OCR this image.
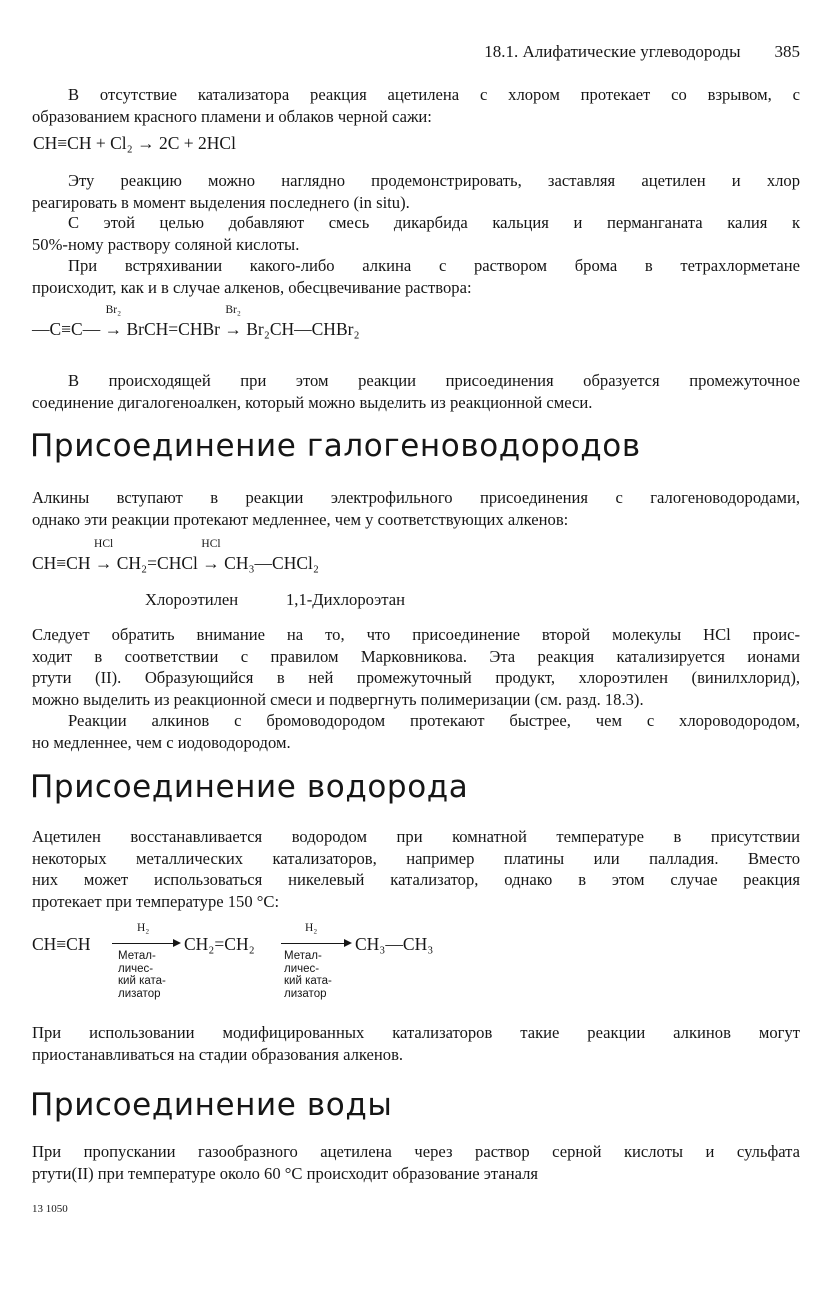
18.1. Алифатические углеводороды 385
В отсутствие катализатора реакция ацетилена с хлором протекает со взрывом, с
образованием красного пламени и облаков черной сажи:
CH≡CH + Cl₂ → 2C + 2HCl
Эту реакцию можно наглядно продемонстрировать, заставляя ацетилен и хлор
реагировать в момент выделения последнего (in situ).
С этой целью добавляют смесь дикарбида кальция и перманганата калия к
50%-ному раствору соляной кислоты.
При встряхивании какого-либо алкина с раствором брома в тетрахлорметане
происходит, как и в случае алкенов, обесцвечивание раствора:
—C≡C— →
Br₂
BrCH=CHBr →
Br₂
Br₂CH—CHBr₂
В происходящей при этом реакции присоединения образуется промежуточное
соединение дигалогеноалкен, который можно выделить из реакционной смеси.
Присоединение галогеноводородов
Алкины вступают в реакции электрофильного присоединения с галогеноводородами,
однако эти реакции протекают медленнее, чем у соответствующих алкенов:
CH≡CH →
HCl
CH₂=CHCl →
HCl
CH₃—CHCl₂
Хлороэтилен	1,1-Дихлороэтан
Следует обратить внимание на то, что присоединение второй молекулы HCl проис-
ходит в соответствии с правилом Марковникова. Эта реакция катализируется ионами
ртути (II). Образующийся в ней промежуточный продукт, хлороэтилен (винилхлорид),
можно выделить из реакционной смеси и подвергнуть полимеризации (см. разд. 18.3).
Реакции алкинов с бромоводородом протекают быстрее, чем с хлороводородом,
но медленнее, чем с иодоводородом.
Присоединение водорода
Ацетилен восстанавливается водородом при комнатной температуре в присутствии
некоторых металлических катализаторов, например платины или палладия. Вместо
них может использоваться никелевый катализатор, однако в этом случае реакция
протекает при температуре 150 °С:
CH≡CH
H₂
Метал-
личес-
кий ката-
лизатор
CH₂=CH₂
H₂
Метал-
личес-
кий ката-
лизатор
CH₃—CH₃
При использовании модифицированных катализаторов такие реакции алкинов могут
приостанавливаться на стадии образования алкенов.
Присоединение воды
При пропускании газообразного ацетилена через раствор серной кислоты и сульфата
ртути(II) при температуре около 60 °С происходит образование этаналя
13 1050
